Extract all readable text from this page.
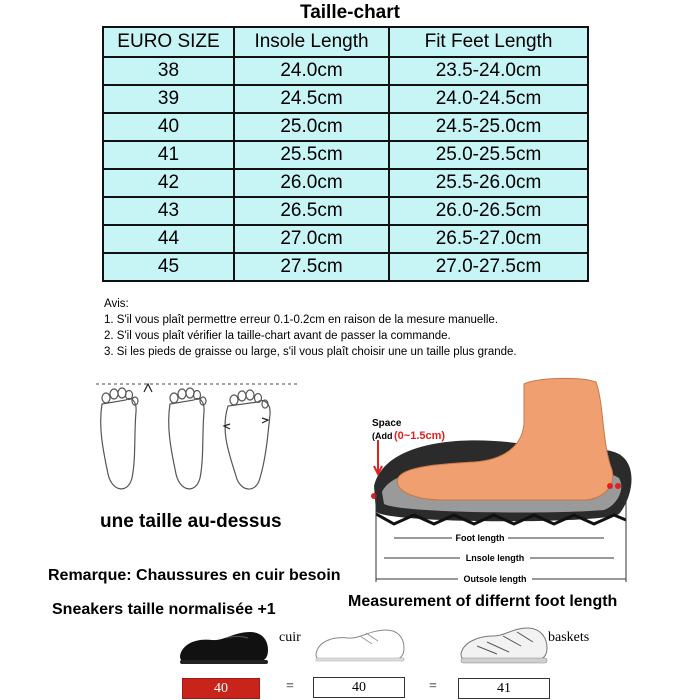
Taille-chart
EURO SIZE	Insole Length	Fit Feet Length
38	24.0cm	23.5-24.0cm
39	24.5cm	24.0-24.5cm
40	25.0cm	24.5-25.0cm
41	25.5cm	25.0-25.5cm
42	26.0cm	25.5-26.0cm
43	26.5cm	26.0-26.5cm
44	27.0cm	26.5-27.0cm
45	27.5cm	27.0-27.5cm
Avis:
1. S'il vous plaît permettre erreur 0.1-0.2cm en raison de la mesure manuelle.
2. S'il vous plaît vérifier la taille-chart avant de passer la commande.
3. Si les pieds de graisse ou large, s'il vous plaît choisir une un taille plus grande.
Space
(Add (0~1.5cm)
Foot length
Lnsole length
Outsole length
une taille au-dessus
Remarque: Chaussures en cuir besoin
Sneakers taille normalisée +1	Measurement of differnt foot length
cuir	baskets
40	=	40	=	41
